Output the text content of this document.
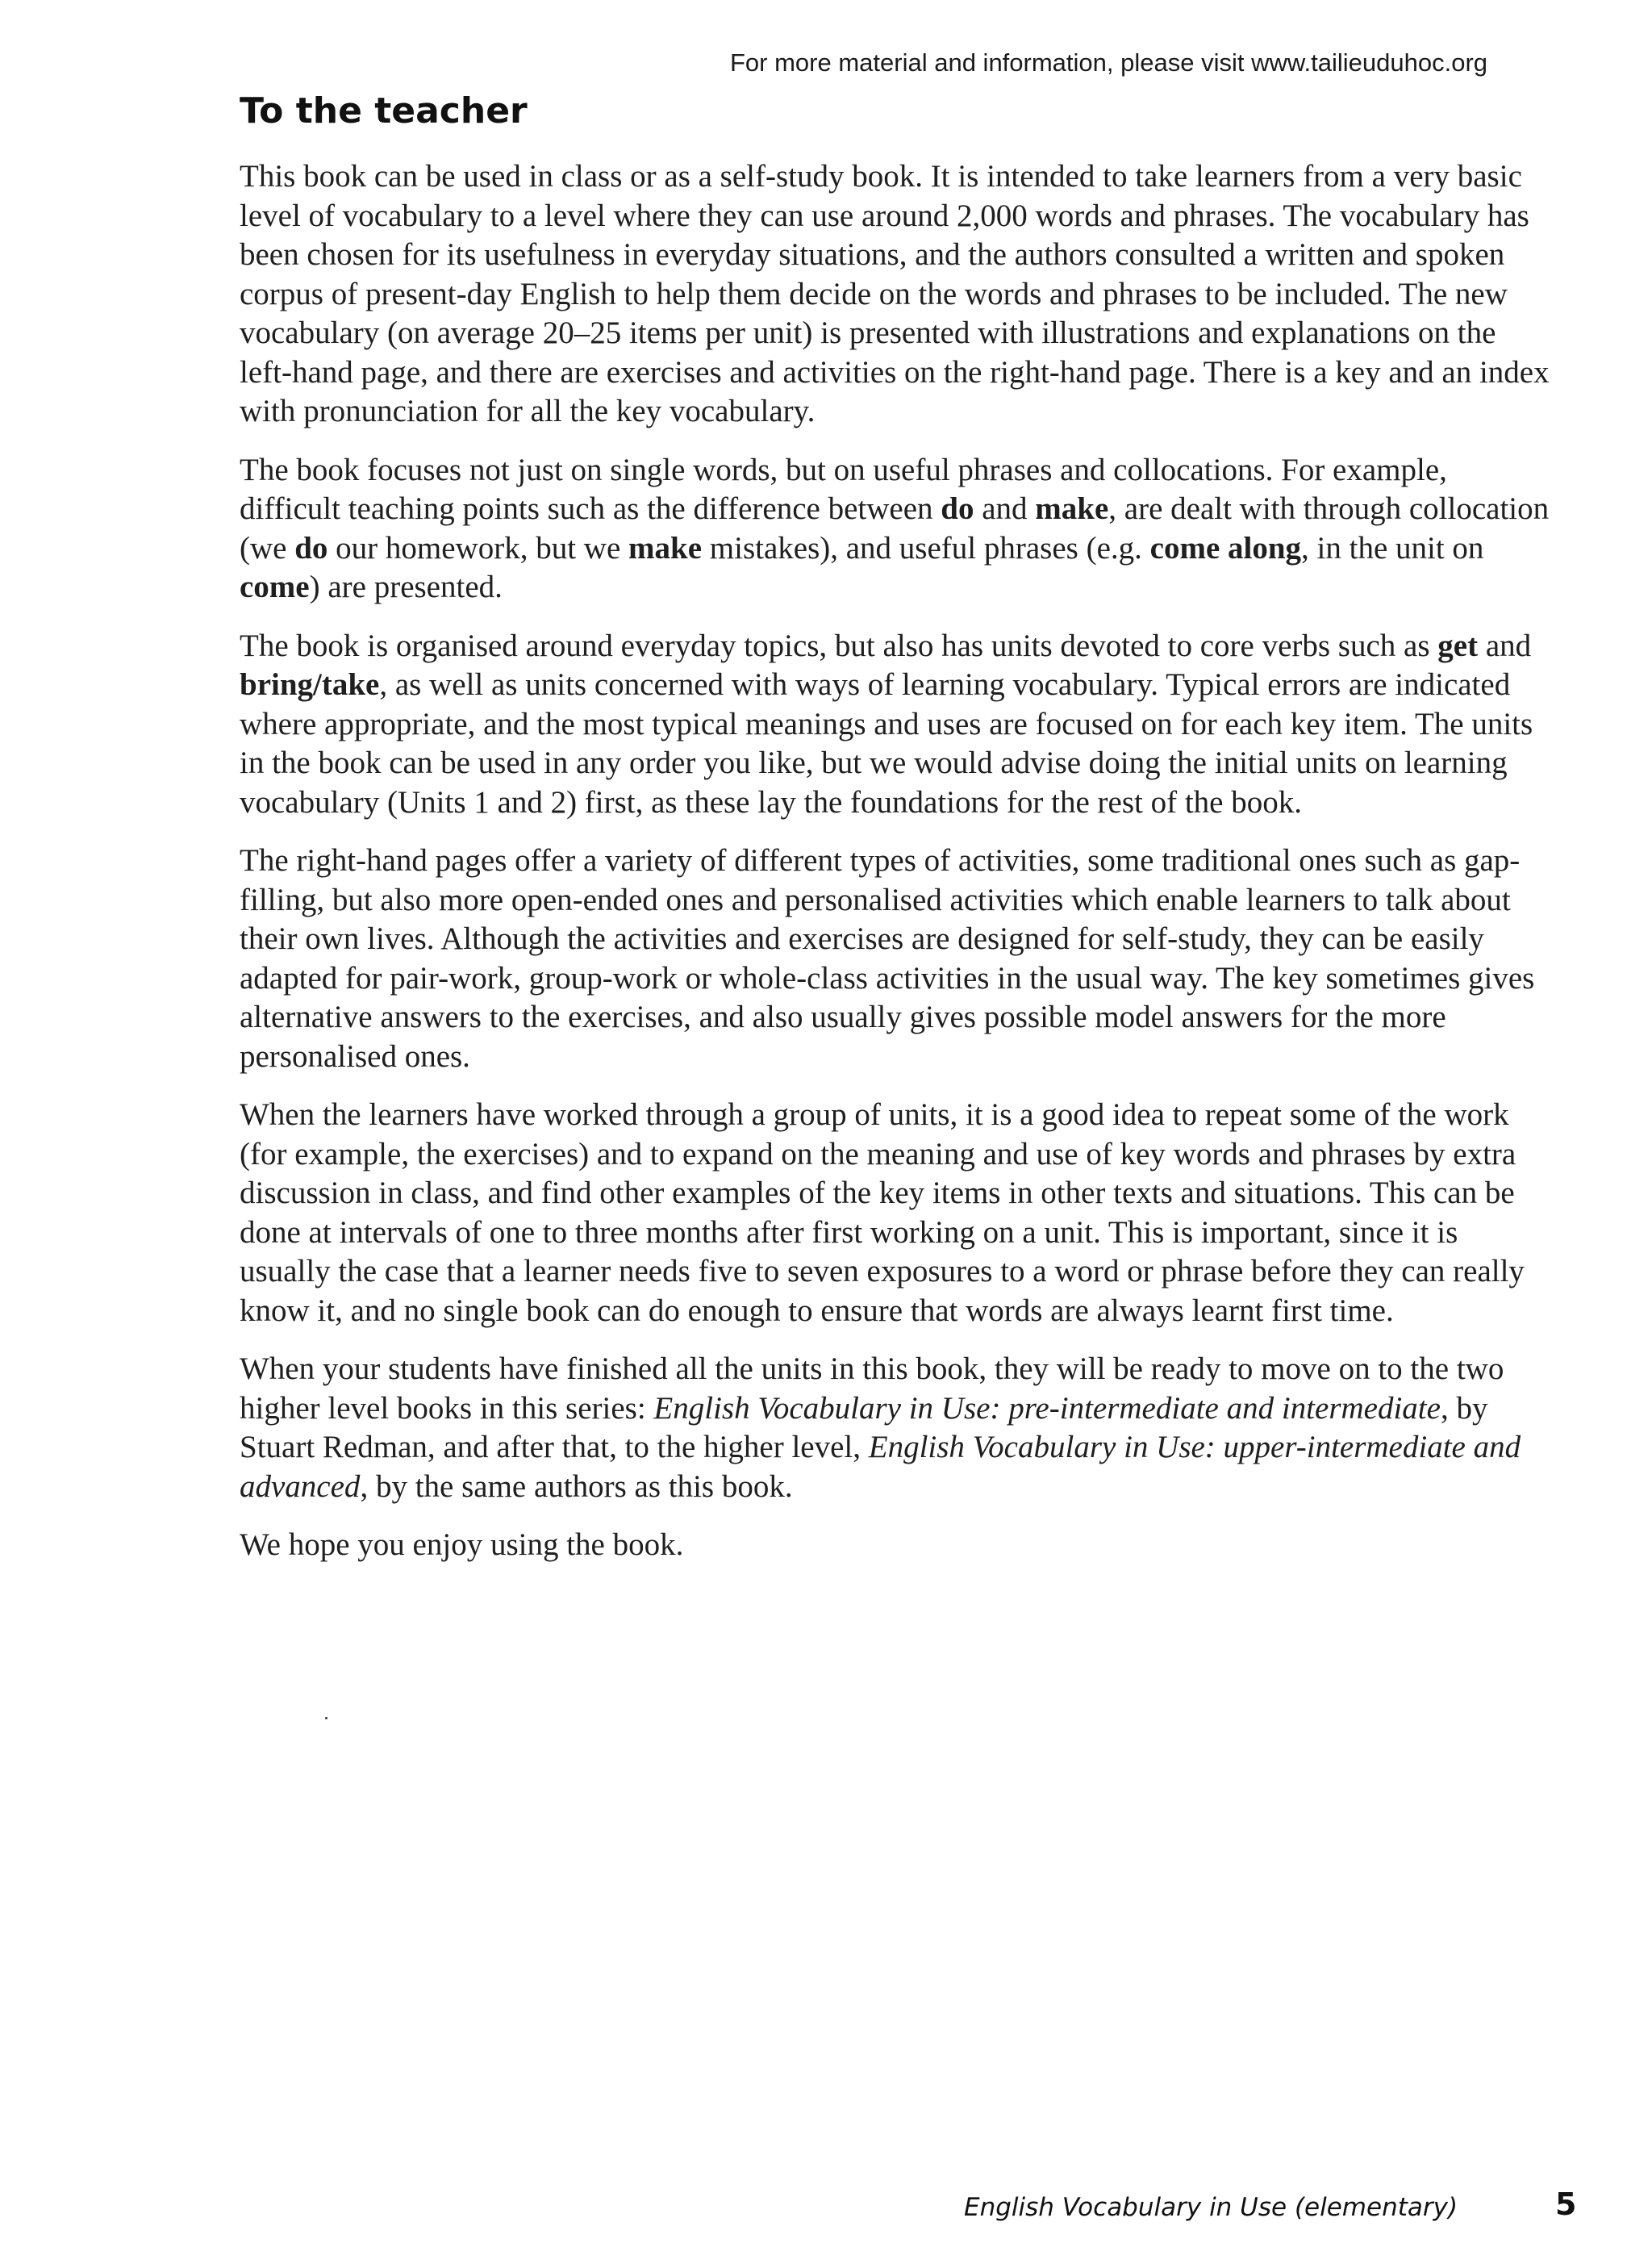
For more material and information, please visit www.tailieuduhoc.org
To the teacher

This book can be used in class or as a self-study book. It is intended to take learners from a very basic level of vocabulary to a level where they can use around 2,000 words and phrases. The vocabulary has been chosen for its usefulness in everyday situations, and the authors consulted a written and spoken corpus of present-day English to help them decide on the words and phrases to be included. The new vocabulary (on average 20–25 items per unit) is presented with illustrations and explanations on the left-hand page, and there are exercises and activities on the right-hand page. There is a key and an index with pronunciation for all the key vocabulary.

The book focuses not just on single words, but on useful phrases and collocations. For example, difficult teaching points such as the difference between do and make, are dealt with through collocation (we do our homework, but we make mistakes), and useful phrases (e.g. come along, in the unit on come) are presented.

The book is organised around everyday topics, but also has units devoted to core verbs such as get and bring/take, as well as units concerned with ways of learning vocabulary. Typical errors are indicated where appropriate, and the most typical meanings and uses are focused on for each key item. The units in the book can be used in any order you like, but we would advise doing the initial units on learning vocabulary (Units 1 and 2) first, as these lay the foundations for the rest of the book.

The right-hand pages offer a variety of different types of activities, some traditional ones such as gap-filling, but also more open-ended ones and personalised activities which enable learners to talk about their own lives. Although the activities and exercises are designed for self-study, they can be easily adapted for pair-work, group-work or whole-class activities in the usual way. The key sometimes gives alternative answers to the exercises, and also usually gives possible model answers for the more personalised ones.

When the learners have worked through a group of units, it is a good idea to repeat some of the work (for example, the exercises) and to expand on the meaning and use of key words and phrases by extra discussion in class, and find other examples of the key items in other texts and situations. This can be done at intervals of one to three months after first working on a unit. This is important, since it is usually the case that a learner needs five to seven exposures to a word or phrase before they can really know it, and no single book can do enough to ensure that words are always learnt first time.

When your students have finished all the units in this book, they will be ready to move on to the two higher level books in this series: English Vocabulary in Use: pre-intermediate and intermediate, by Stuart Redman, and after that, to the higher level, English Vocabulary in Use: upper-intermediate and advanced, by the same authors as this book.

We hope you enjoy using the book.

English Vocabulary in Use (elementary)	5
